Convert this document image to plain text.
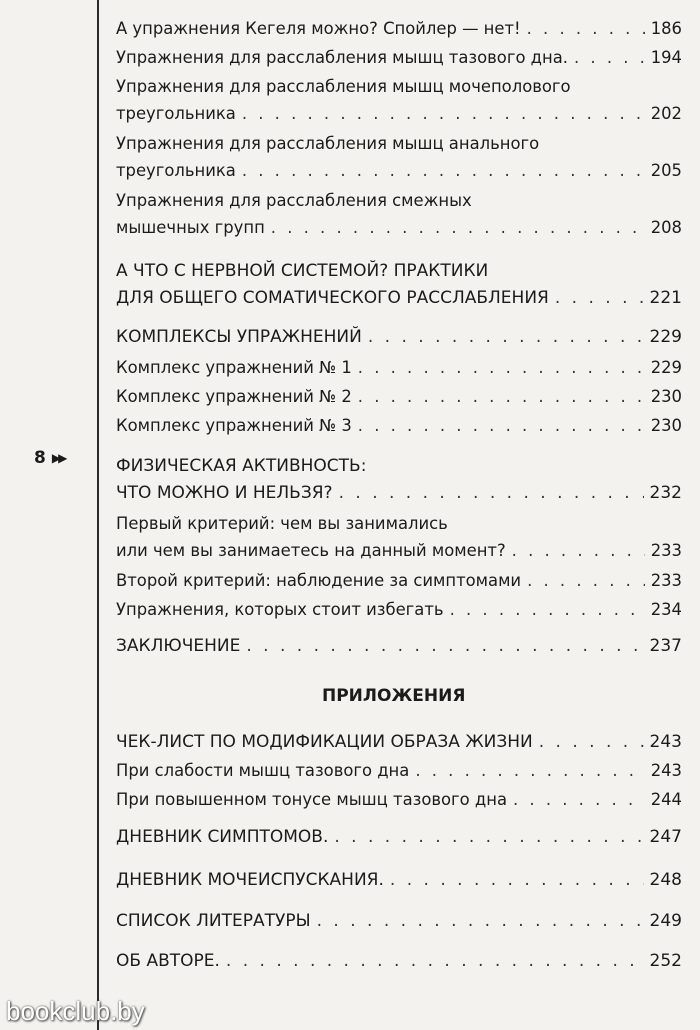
8 ▶▶
А упражнения Кегеля можно? Спойлер — нет! . . .	186
Упражнения для расслабления мышц тазового дна. . . .	194
Упражнения для расслабления мышц мочеполового
треугольника . . .	202
Упражнения для расслабления мышц анального
треугольника . . .	205
Упражнения для расслабления смежных
мышечных групп . . .	208
А ЧТО С НЕРВНОЙ СИСТЕМОЙ? ПРАКТИКИ
ДЛЯ ОБЩЕГО СОМАТИЧЕСКОГО РАССЛАБЛЕНИЯ . . .	221
КОМПЛЕКСЫ УПРАЖНЕНИЙ . . .	229
Комплекс упражнений № 1 . . .	229
Комплекс упражнений № 2 . . .	230
Комплекс упражнений № 3 . . .	230
ФИЗИЧЕСКАЯ АКТИВНОСТЬ:
ЧТО МОЖНО И НЕЛЬЗЯ? . . .	232
Первый критерий: чем вы занимались
или чем вы занимаетесь на данный момент? . . .	233
Второй критерий: наблюдение за симптомами . . .	233
Упражнения, которых стоит избегать . . .	234
ЗАКЛЮЧЕНИЕ . . .	237
ЧЕК-ЛИСТ ПО МОДИФИКАЦИИ ОБРАЗА ЖИЗНИ . . .	243
При слабости мышц тазового дна . . .	243
При повышенном тонусе мышц тазового дна . . .	244
ДНЕВНИК СИМПТОМОВ. . . .	247
ДНЕВНИК МОЧЕИСПУСКАНИЯ. . . .	248
СПИСОК ЛИТЕРАТУРЫ . . .	249
ОБ АВТОРЕ. . . .	252
ПРИЛОЖЕНИЯ
bookclub.by
